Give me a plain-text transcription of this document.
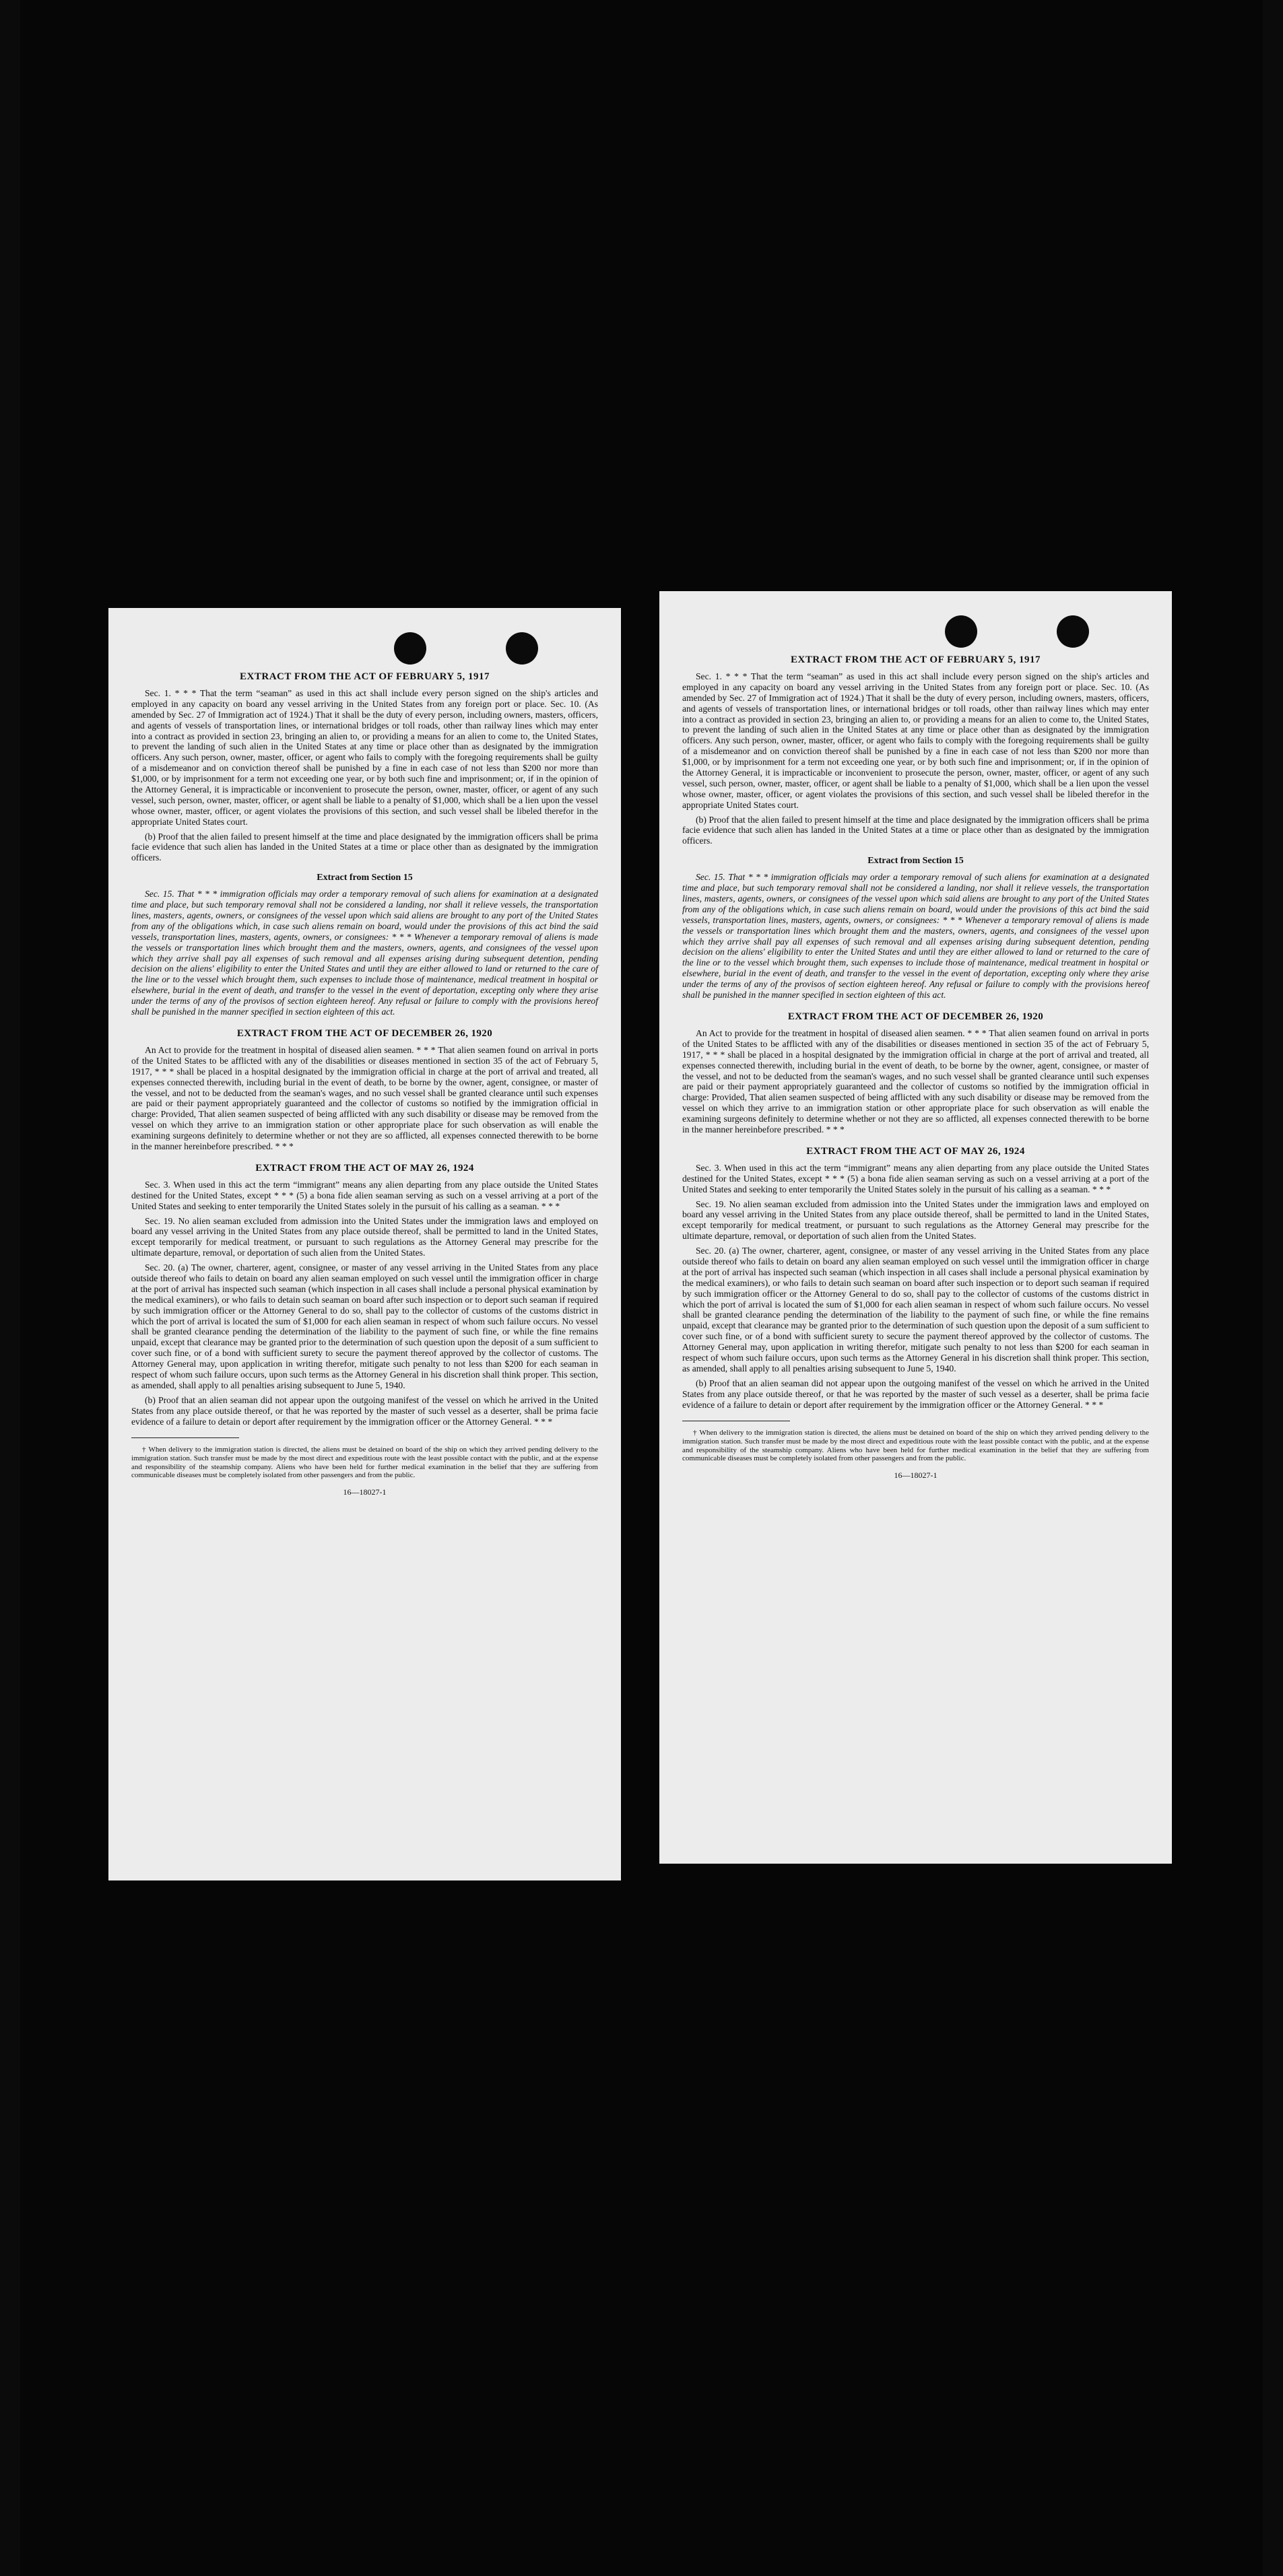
EXTRACT FROM THE ACT OF FEBRUARY 5, 1917

Sec. 1. * * * That the term “seaman” as used in this act shall include every person signed on the ship's articles and employed in any capacity on board any vessel arriving in the United States from any foreign port or place. Sec. 10. (As amended by Sec. 27 of Immigration act of 1924.) That it shall be the duty of every person, including owners, masters, officers, and agents of vessels of transportation lines, or international bridges or toll roads, other than railway lines which may enter into a contract as provided in section 23, bringing an alien to, or providing a means for an alien to come to, the United States, to prevent the landing of such alien in the United States at any time or place other than as designated by the immigration officers. Any such person, owner, master, officer, or agent who fails to comply with the foregoing requirements shall be guilty of a misdemeanor and on conviction thereof shall be punished by a fine in each case of not less than $200 nor more than $1,000, or by imprisonment for a term not exceeding one year, or by both such fine and imprisonment; or, if in the opinion of the Attorney General, it is impracticable or inconvenient to prosecute the person, owner, master, officer, or agent of any such vessel, such person, owner, master, officer, or agent shall be liable to a penalty of $1,000, which shall be a lien upon the vessel whose owner, master, officer, or agent violates the provisions of this section, and such vessel shall be libeled therefor in the appropriate United States court.

(b) Proof that the alien failed to present himself at the time and place designated by the immigration officers shall be prima facie evidence that such alien has landed in the United States at a time or place other than as designated by the immigration officers.

Extract from Section 15

Sec. 15. That * * * immigration officials may order a temporary removal of such aliens for examination at a designated time and place, but such temporary removal shall not be considered a landing, nor shall it relieve vessels, the transportation lines, masters, agents, owners, or consignees of the vessel upon which said aliens are brought to any port of the United States from any of the obligations which, in case such aliens remain on board, would under the provisions of this act bind the said vessels, transportation lines, masters, agents, owners, or consignees: * * * Whenever a temporary removal of aliens is made the vessels or transportation lines which brought them and the masters, owners, agents, and consignees of the vessel upon which they arrive shall pay all expenses of such removal and all expenses arising during subsequent detention, pending decision on the aliens' eligibility to enter the United States and until they are either allowed to land or returned to the care of the line or to the vessel which brought them, such expenses to include those of maintenance, medical treatment in hospital or elsewhere, burial in the event of death, and transfer to the vessel in the event of deportation, excepting only where they arise under the terms of any of the provisos of section eighteen hereof. Any refusal or failure to comply with the provisions hereof shall be punished in the manner specified in section eighteen of this act.

EXTRACT FROM THE ACT OF DECEMBER 26, 1920

An Act to provide for the treatment in hospital of diseased alien seamen. * * * That alien seamen found on arrival in ports of the United States to be afflicted with any of the disabilities or diseases mentioned in section 35 of the act of February 5, 1917, * * * shall be placed in a hospital designated by the immigration official in charge at the port of arrival and treated, all expenses connected therewith, including burial in the event of death, to be borne by the owner, agent, consignee, or master of the vessel, and not to be deducted from the seaman's wages, and no such vessel shall be granted clearance until such expenses are paid or their payment appropriately guaranteed and the collector of customs so notified by the immigration official in charge: Provided, That alien seamen suspected of being afflicted with any such disability or disease may be removed from the vessel on which they arrive to an immigration station or other appropriate place for such observation as will enable the examining surgeons definitely to determine whether or not they are so afflicted, all expenses connected therewith to be borne in the manner hereinbefore prescribed. * * *

EXTRACT FROM THE ACT OF MAY 26, 1924

Sec. 3. When used in this act the term “immigrant” means any alien departing from any place outside the United States destined for the United States, except * * * (5) a bona fide alien seaman serving as such on a vessel arriving at a port of the United States and seeking to enter temporarily the United States solely in the pursuit of his calling as a seaman. * * *

Sec. 19. No alien seaman excluded from admission into the United States under the immigration laws and employed on board any vessel arriving in the United States from any place outside thereof, shall be permitted to land in the United States, except temporarily for medical treatment, or pursuant to such regulations as the Attorney General may prescribe for the ultimate departure, removal, or deportation of such alien from the United States.

Sec. 20. (a) The owner, charterer, agent, consignee, or master of any vessel arriving in the United States from any place outside thereof who fails to detain on board any alien seaman employed on such vessel until the immigration officer in charge at the port of arrival has inspected such seaman (which inspection in all cases shall include a personal physical examination by the medical examiners), or who fails to detain such seaman on board after such inspection or to deport such seaman if required by such immigration officer or the Attorney General to do so, shall pay to the collector of customs of the customs district in which the port of arrival is located the sum of $1,000 for each alien seaman in respect of whom such failure occurs. No vessel shall be granted clearance pending the determination of the liability to the payment of such fine, or while the fine remains unpaid, except that clearance may be granted prior to the determination of such question upon the deposit of a sum sufficient to cover such fine, or of a bond with sufficient surety to secure the payment thereof approved by the collector of customs. The Attorney General may, upon application in writing therefor, mitigate such penalty to not less than $200 for each seaman in respect of whom such failure occurs, upon such terms as the Attorney General in his discretion shall think proper. This section, as amended, shall apply to all penalties arising subsequent to June 5, 1940.

(b) Proof that an alien seaman did not appear upon the outgoing manifest of the vessel on which he arrived in the United States from any place outside thereof, or that he was reported by the master of such vessel as a deserter, shall be prima facie evidence of a failure to detain or deport after requirement by the immigration officer or the Attorney General. * * *

† When delivery to the immigration station is directed, the aliens must be detained on board of the ship on which they arrived pending delivery to the immigration station. Such transfer must be made by the most direct and expeditious route with the least possible contact with the public, and at the expense and responsibility of the steamship company. Aliens who have been held for further medical examination in the belief that they are suffering from communicable diseases must be completely isolated from other passengers and from the public.

16—18027-1
EXTRACT FROM THE ACT OF FEBRUARY 5, 1917

Sec. 1. * * * That the term “seaman” as used in this act shall include every person signed on the ship's articles and employed in any capacity on board any vessel arriving in the United States from any foreign port or place. Sec. 10. (As amended by Sec. 27 of Immigration act of 1924.) That it shall be the duty of every person, including owners, masters, officers, and agents of vessels of transportation lines, or international bridges or toll roads, other than railway lines which may enter into a contract as provided in section 23, bringing an alien to, or providing a means for an alien to come to, the United States, to prevent the landing of such alien in the United States at any time or place other than as designated by the immigration officers. Any such person, owner, master, officer, or agent who fails to comply with the foregoing requirements shall be guilty of a misdemeanor and on conviction thereof shall be punished by a fine in each case of not less than $200 nor more than $1,000, or by imprisonment for a term not exceeding one year, or by both such fine and imprisonment; or, if in the opinion of the Attorney General, it is impracticable or inconvenient to prosecute the person, owner, master, officer, or agent of any such vessel, such person, owner, master, officer, or agent shall be liable to a penalty of $1,000, which shall be a lien upon the vessel whose owner, master, officer, or agent violates the provisions of this section, and such vessel shall be libeled therefor in the appropriate United States court.

(b) Proof that the alien failed to present himself at the time and place designated by the immigration officers shall be prima facie evidence that such alien has landed in the United States at a time or place other than as designated by the immigration officers.

Extract from Section 15

Sec. 15. That * * * immigration officials may order a temporary removal of such aliens for examination at a designated time and place, but such temporary removal shall not be considered a landing, nor shall it relieve vessels, the transportation lines, masters, agents, owners, or consignees of the vessel upon which said aliens are brought to any port of the United States from any of the obligations which, in case such aliens remain on board, would under the provisions of this act bind the said vessels, transportation lines, masters, agents, owners, or consignees: * * * Whenever a temporary removal of aliens is made the vessels or transportation lines which brought them and the masters, owners, agents, and consignees of the vessel upon which they arrive shall pay all expenses of such removal and all expenses arising during subsequent detention, pending decision on the aliens' eligibility to enter the United States and until they are either allowed to land or returned to the care of the line or to the vessel which brought them, such expenses to include those of maintenance, medical treatment in hospital or elsewhere, burial in the event of death, and transfer to the vessel in the event of deportation, excepting only where they arise under the terms of any of the provisos of section eighteen hereof. Any refusal or failure to comply with the provisions hereof shall be punished in the manner specified in section eighteen of this act.

EXTRACT FROM THE ACT OF DECEMBER 26, 1920

An Act to provide for the treatment in hospital of diseased alien seamen. * * * That alien seamen found on arrival in ports of the United States to be afflicted with any of the disabilities or diseases mentioned in section 35 of the act of February 5, 1917, * * * shall be placed in a hospital designated by the immigration official in charge at the port of arrival and treated, all expenses connected therewith, including burial in the event of death, to be borne by the owner, agent, consignee, or master of the vessel, and not to be deducted from the seaman's wages, and no such vessel shall be granted clearance until such expenses are paid or their payment appropriately guaranteed and the collector of customs so notified by the immigration official in charge: Provided, That alien seamen suspected of being afflicted with any such disability or disease may be removed from the vessel on which they arrive to an immigration station or other appropriate place for such observation as will enable the examining surgeons definitely to determine whether or not they are so afflicted, all expenses connected therewith to be borne in the manner hereinbefore prescribed. * * *

EXTRACT FROM THE ACT OF MAY 26, 1924

Sec. 3. When used in this act the term “immigrant” means any alien departing from any place outside the United States destined for the United States, except * * * (5) a bona fide alien seaman serving as such on a vessel arriving at a port of the United States and seeking to enter temporarily the United States solely in the pursuit of his calling as a seaman. * * *

Sec. 19. No alien seaman excluded from admission into the United States under the immigration laws and employed on board any vessel arriving in the United States from any place outside thereof, shall be permitted to land in the United States, except temporarily for medical treatment, or pursuant to such regulations as the Attorney General may prescribe for the ultimate departure, removal, or deportation of such alien from the United States.

Sec. 20. (a) The owner, charterer, agent, consignee, or master of any vessel arriving in the United States from any place outside thereof who fails to detain on board any alien seaman employed on such vessel until the immigration officer in charge at the port of arrival has inspected such seaman (which inspection in all cases shall include a personal physical examination by the medical examiners), or who fails to detain such seaman on board after such inspection or to deport such seaman if required by such immigration officer or the Attorney General to do so, shall pay to the collector of customs of the customs district in which the port of arrival is located the sum of $1,000 for each alien seaman in respect of whom such failure occurs. No vessel shall be granted clearance pending the determination of the liability to the payment of such fine, or while the fine remains unpaid, except that clearance may be granted prior to the determination of such question upon the deposit of a sum sufficient to cover such fine, or of a bond with sufficient surety to secure the payment thereof approved by the collector of customs. The Attorney General may, upon application in writing therefor, mitigate such penalty to not less than $200 for each seaman in respect of whom such failure occurs, upon such terms as the Attorney General in his discretion shall think proper. This section, as amended, shall apply to all penalties arising subsequent to June 5, 1940.

(b) Proof that an alien seaman did not appear upon the outgoing manifest of the vessel on which he arrived in the United States from any place outside thereof, or that he was reported by the master of such vessel as a deserter, shall be prima facie evidence of a failure to detain or deport after requirement by the immigration officer or the Attorney General. * * *

† When delivery to the immigration station is directed, the aliens must be detained on board of the ship on which they arrived pending delivery to the immigration station. Such transfer must be made by the most direct and expeditious route with the least possible contact with the public, and at the expense and responsibility of the steamship company. Aliens who have been held for further medical examination in the belief that they are suffering from communicable diseases must be completely isolated from other passengers and from the public.

16—18027-1
